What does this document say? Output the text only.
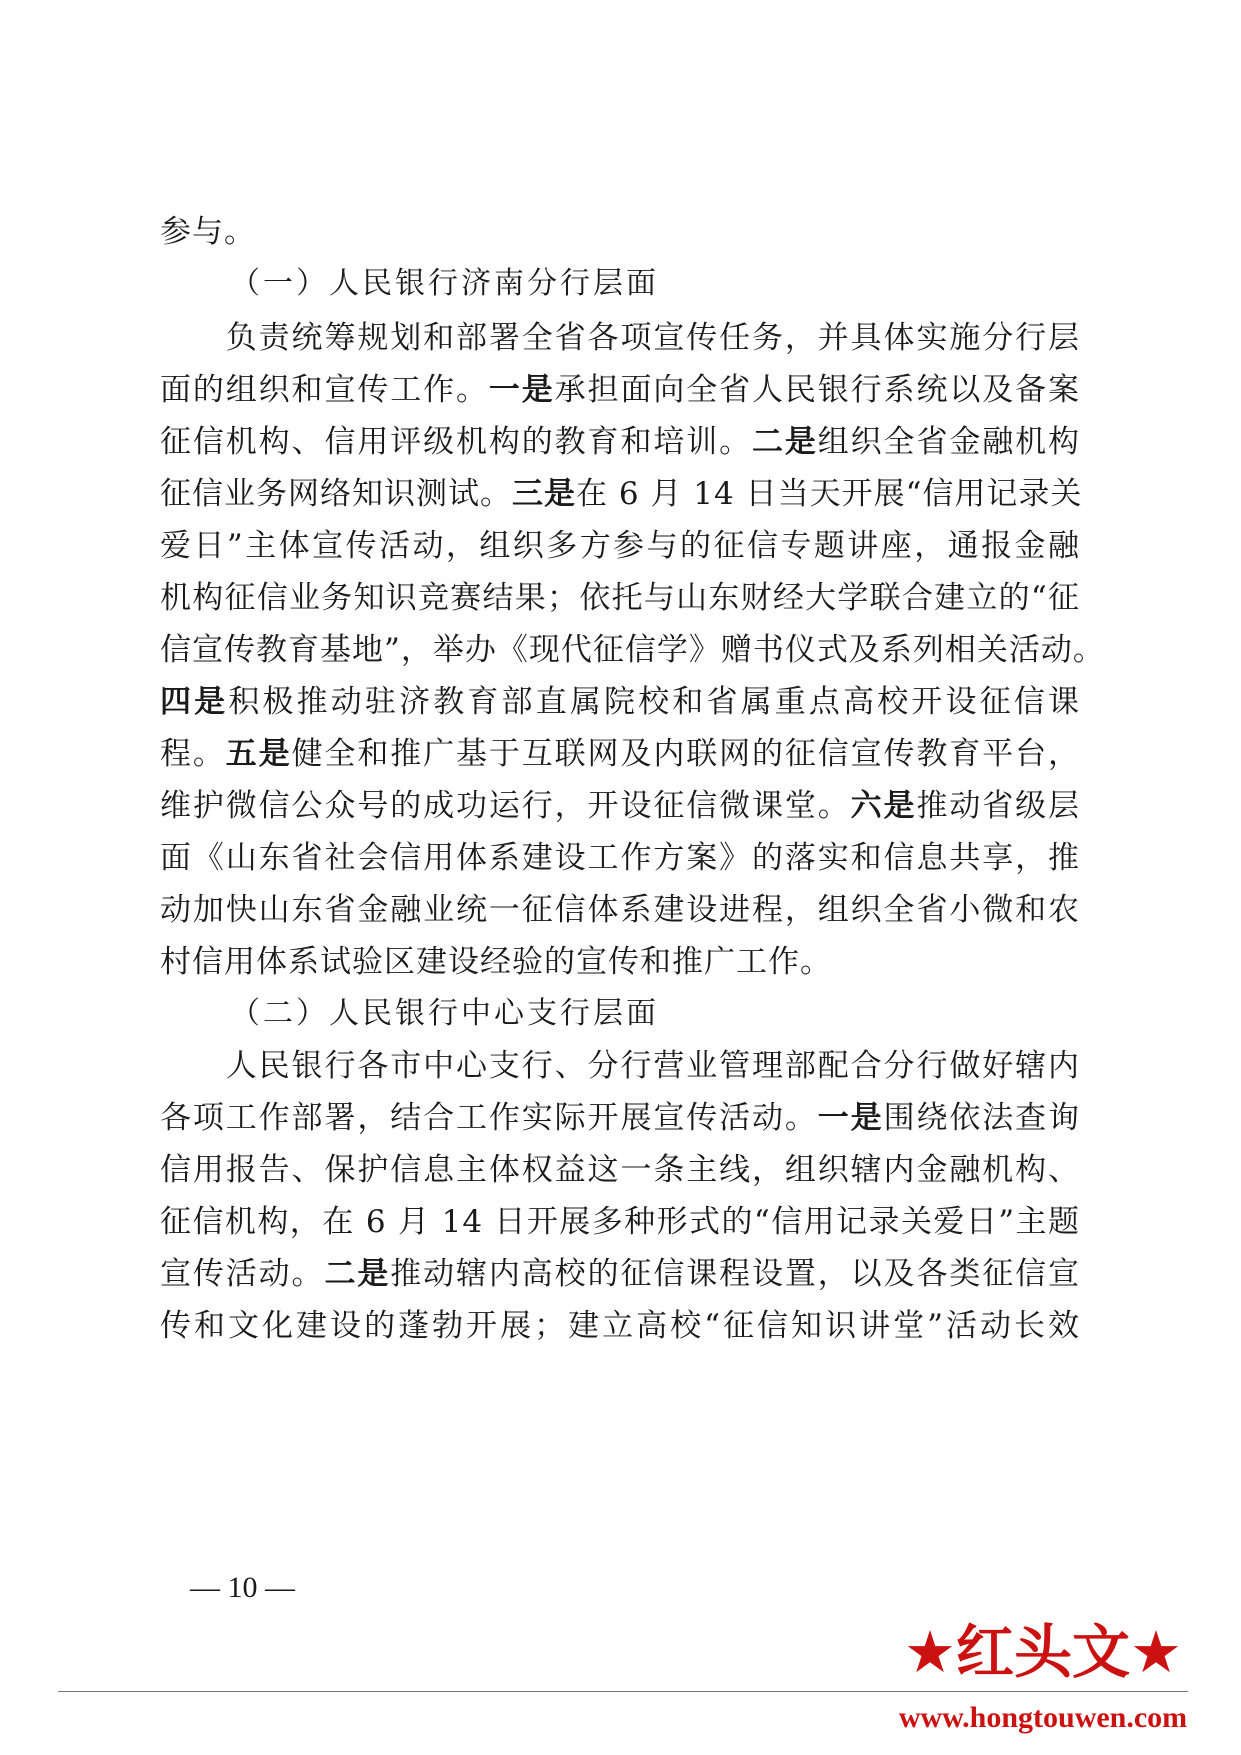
参与。
（一）人民银行济南分行层面
　　负责统筹规划和部署全省各项宣传任务，并具体实施分行层
面的组织和宣传工作。一是承担面向全省人民银行系统以及备案
征信机构、信用评级机构的教育和培训。二是组织全省金融机构
征信业务网络知识测试。三是在 6 月 14 日当天开展“信用记录关
爱日”主体宣传活动，组织多方参与的征信专题讲座，通报金融
机构征信业务知识竞赛结果；依托与山东财经大学联合建立的“征
信宣传教育基地”，举办《现代征信学》赠书仪式及系列相关活动。
四是积极推动驻济教育部直属院校和省属重点高校开设征信课
程。五是健全和推广基于互联网及内联网的征信宣传教育平台，
维护微信公众号的成功运行，开设征信微课堂。六是推动省级层
面《山东省社会信用体系建设工作方案》的落实和信息共享，推
动加快山东省金融业统一征信体系建设进程，组织全省小微和农
村信用体系试验区建设经验的宣传和推广工作。
（二）人民银行中心支行层面
　　人民银行各市中心支行、分行营业管理部配合分行做好辖内
各项工作部署，结合工作实际开展宣传活动。一是围绕依法查询
信用报告、保护信息主体权益这一条主线，组织辖内金融机构、
征信机构，在 6 月 14 日开展多种形式的“信用记录关爱日”主题
宣传活动。二是推动辖内高校的征信课程设置，以及各类征信宣
传和文化建设的蓬勃开展；建立高校“征信知识讲堂”活动长效
— 10 —
★红头文★
www.hongtouwen.com
